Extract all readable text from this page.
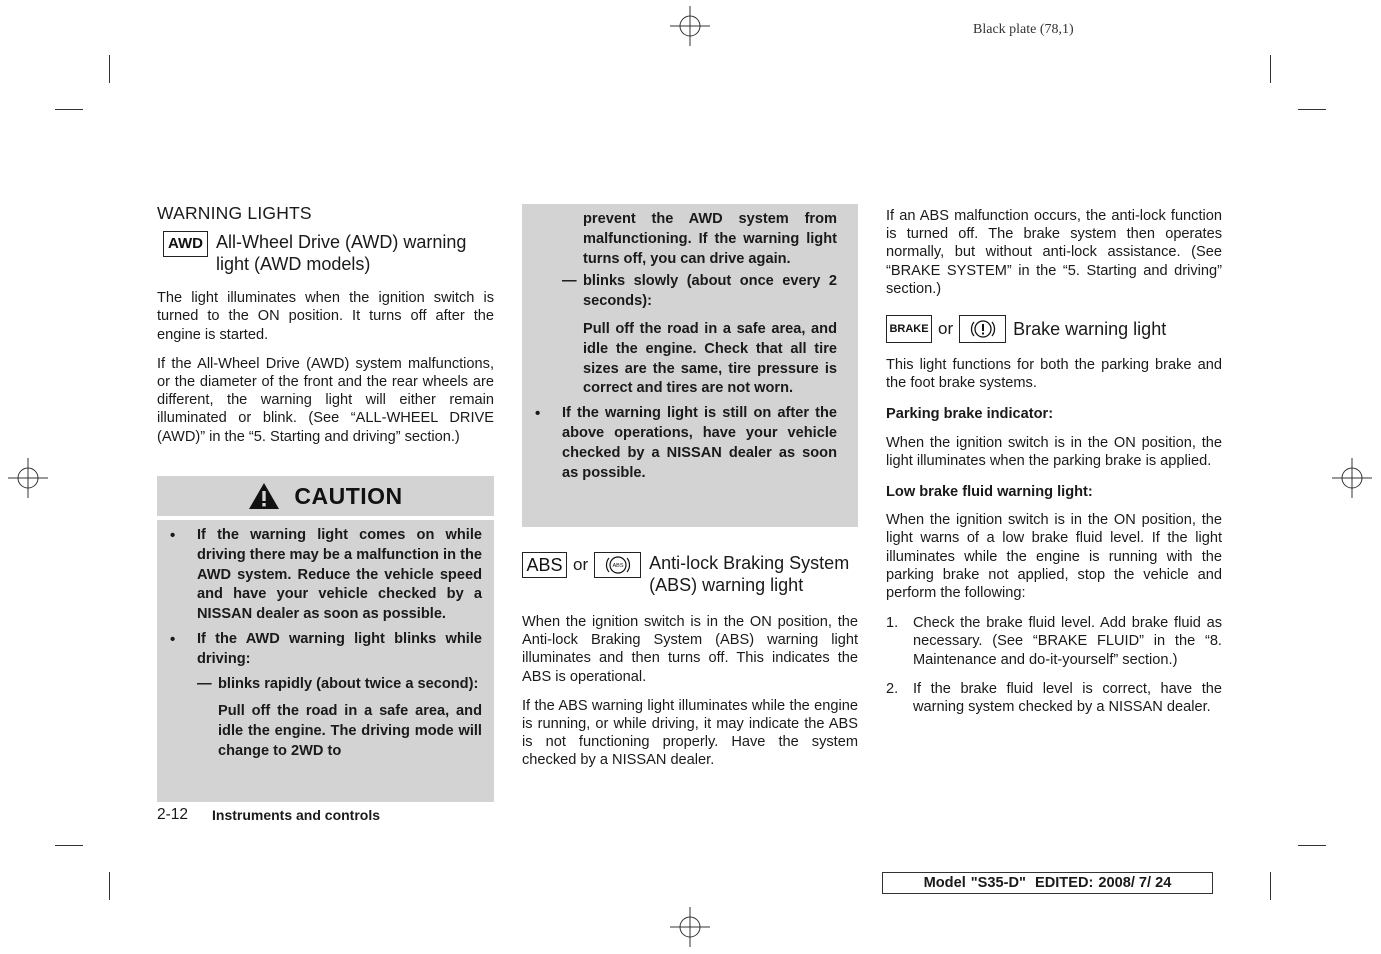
Black plate (78,1)
WARNING LIGHTS
AWD All-Wheel Drive (AWD) warning
light (AWD models)

The light illuminates when the ignition switch is turned to the ON position. It turns off after the engine is started.

If the All-Wheel Drive (AWD) system malfunctions, or the diameter of the front and the rear wheels are different, the warning light will either remain illuminated or blink. (See “ALL-WHEEL DRIVE (AWD)” in the “5. Starting and driving” section.)

CAUTION
• If the warning light comes on while driving there may be a malfunction in the AWD system. Reduce the vehicle speed and have your vehicle checked by a NISSAN dealer as soon as possible.
• If the AWD warning light blinks while driving:
— blinks rapidly (about twice a second):
Pull off the road in a safe area, and idle the engine. The driving mode will change to 2WD to
prevent the AWD system from malfunctioning. If the warning light turns off, you can drive again.
— blinks slowly (about once every 2 seconds):
Pull off the road in a safe area, and idle the engine. Check that all tire sizes are the same, tire pressure is correct and tires are not worn.
• If the warning light is still on after the above operations, have your vehicle checked by a NISSAN dealer as soon as possible.
ABS or	ABS Anti-lock Braking System
(ABS) warning light

When the ignition switch is in the ON position, the Anti-lock Braking System (ABS) warning light illuminates and then turns off. This indicates the ABS is operational.

If the ABS warning light illuminates while the engine is running, or while driving, it may indicate the ABS is not functioning properly. Have the system checked by a NISSAN dealer.

If an ABS malfunction occurs, the anti-lock function is turned off. The brake system then operates normally, but without anti-lock assistance. (See “BRAKE SYSTEM” in the “5. Starting and driving” section.)

BRAKE or	Brake warning light

This light functions for both the parking brake and the foot brake systems.

Parking brake indicator:

When the ignition switch is in the ON position, the light illuminates when the parking brake is applied.

Low brake fluid warning light:

When the ignition switch is in the ON position, the light warns of a low brake fluid level. If the light illuminates while the engine is running with the parking brake not applied, stop the vehicle and perform the following:

1. Check the brake fluid level. Add brake fluid as necessary. (See “BRAKE FLUID” in the “8. Maintenance and do-it-yourself” section.)
2. If the brake fluid level is correct, have the warning system checked by a NISSAN dealer.
2-12 Instruments and controls
Model "S35-D" EDITED: 2008/ 7/ 24
